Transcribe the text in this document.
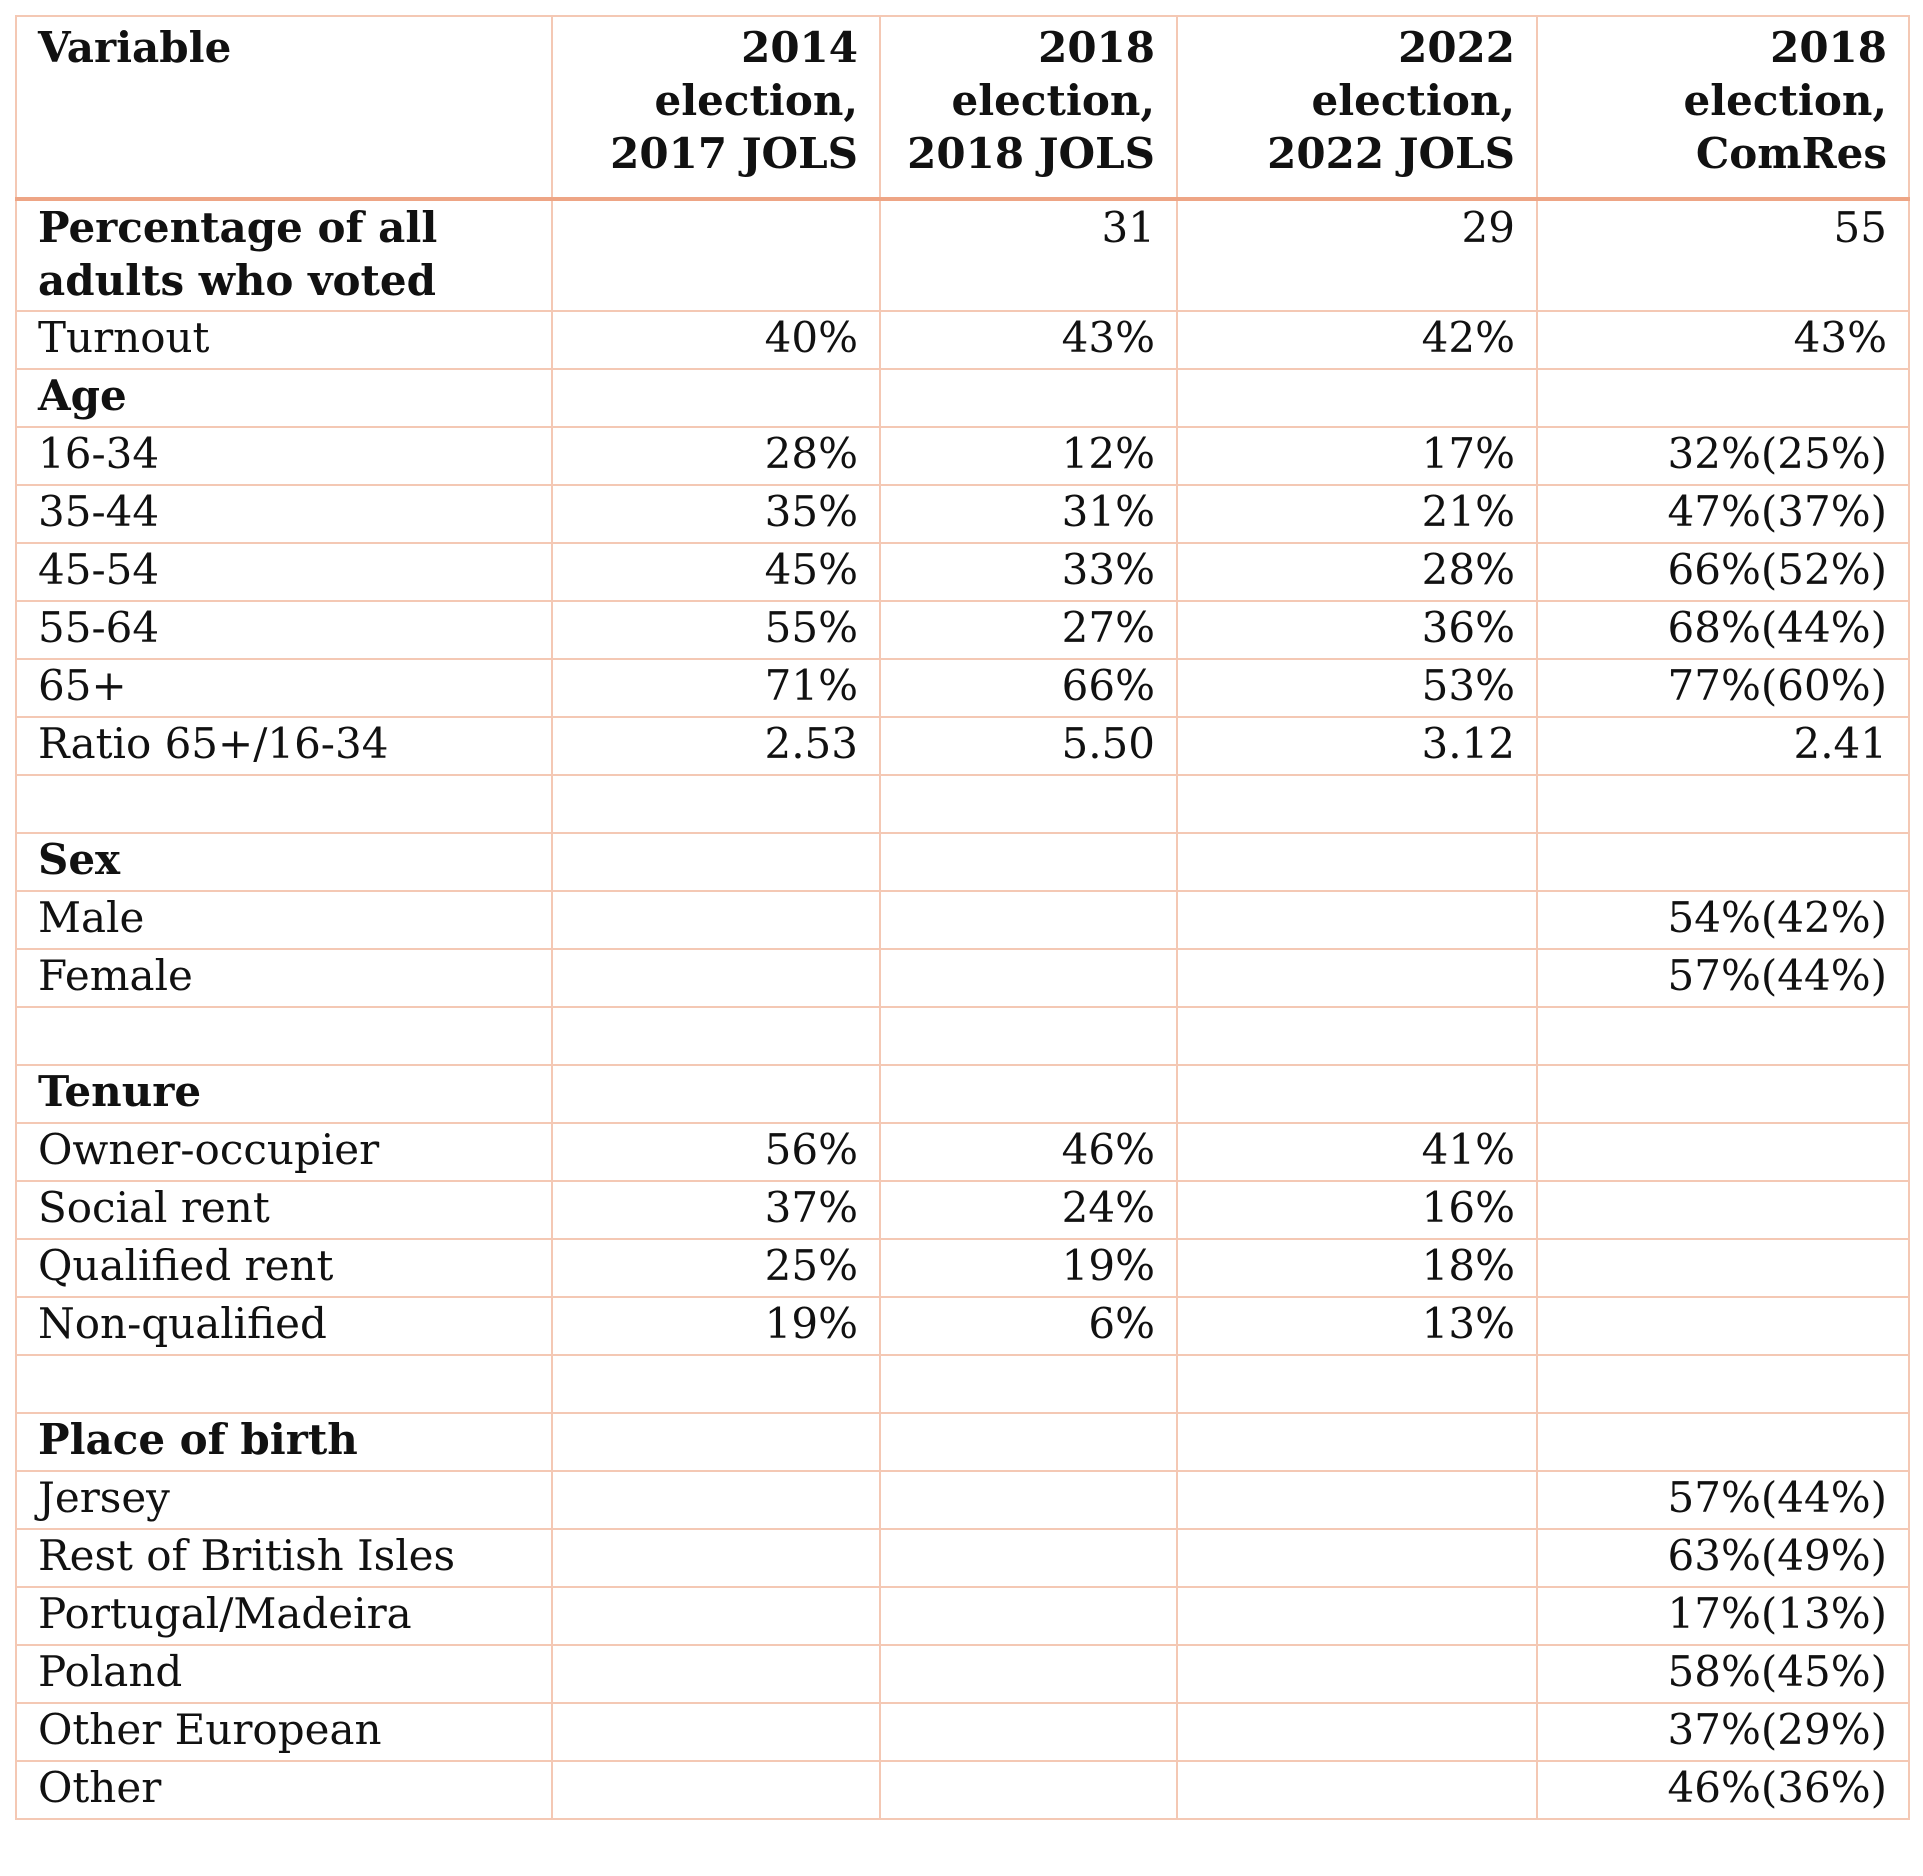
Variable	2014 election, 2017 JOLS	2018 election, 2018 JOLS	2022 election, 2022 JOLS	2018 election, ComRes
Percentage of all adults who voted		31	29	55
Turnout	40%	43%	42%	43%
Age				
16-34	28%	12%	17%	32%(25%)
35-44	35%	31%	21%	47%(37%)
45-54	45%	33%	28%	66%(52%)
55-64	55%	27%	36%	68%(44%)
65+	71%	66%	53%	77%(60%)
Ratio 65+/16-34	2.53	5.50	3.12	2.41

Sex				
Male				54%(42%)
Female				57%(44%)

Tenure				
Owner-occupier	56%	46%	41%	
Social rent	37%	24%	16%	
Qualified rent	25%	19%	18%	
Non-qualified	19%	6%	13%	

Place of birth				
Jersey				57%(44%)
Rest of British Isles				63%(49%)
Portugal/Madeira				17%(13%)
Poland				58%(45%)
Other European				37%(29%)
Other				46%(36%)
